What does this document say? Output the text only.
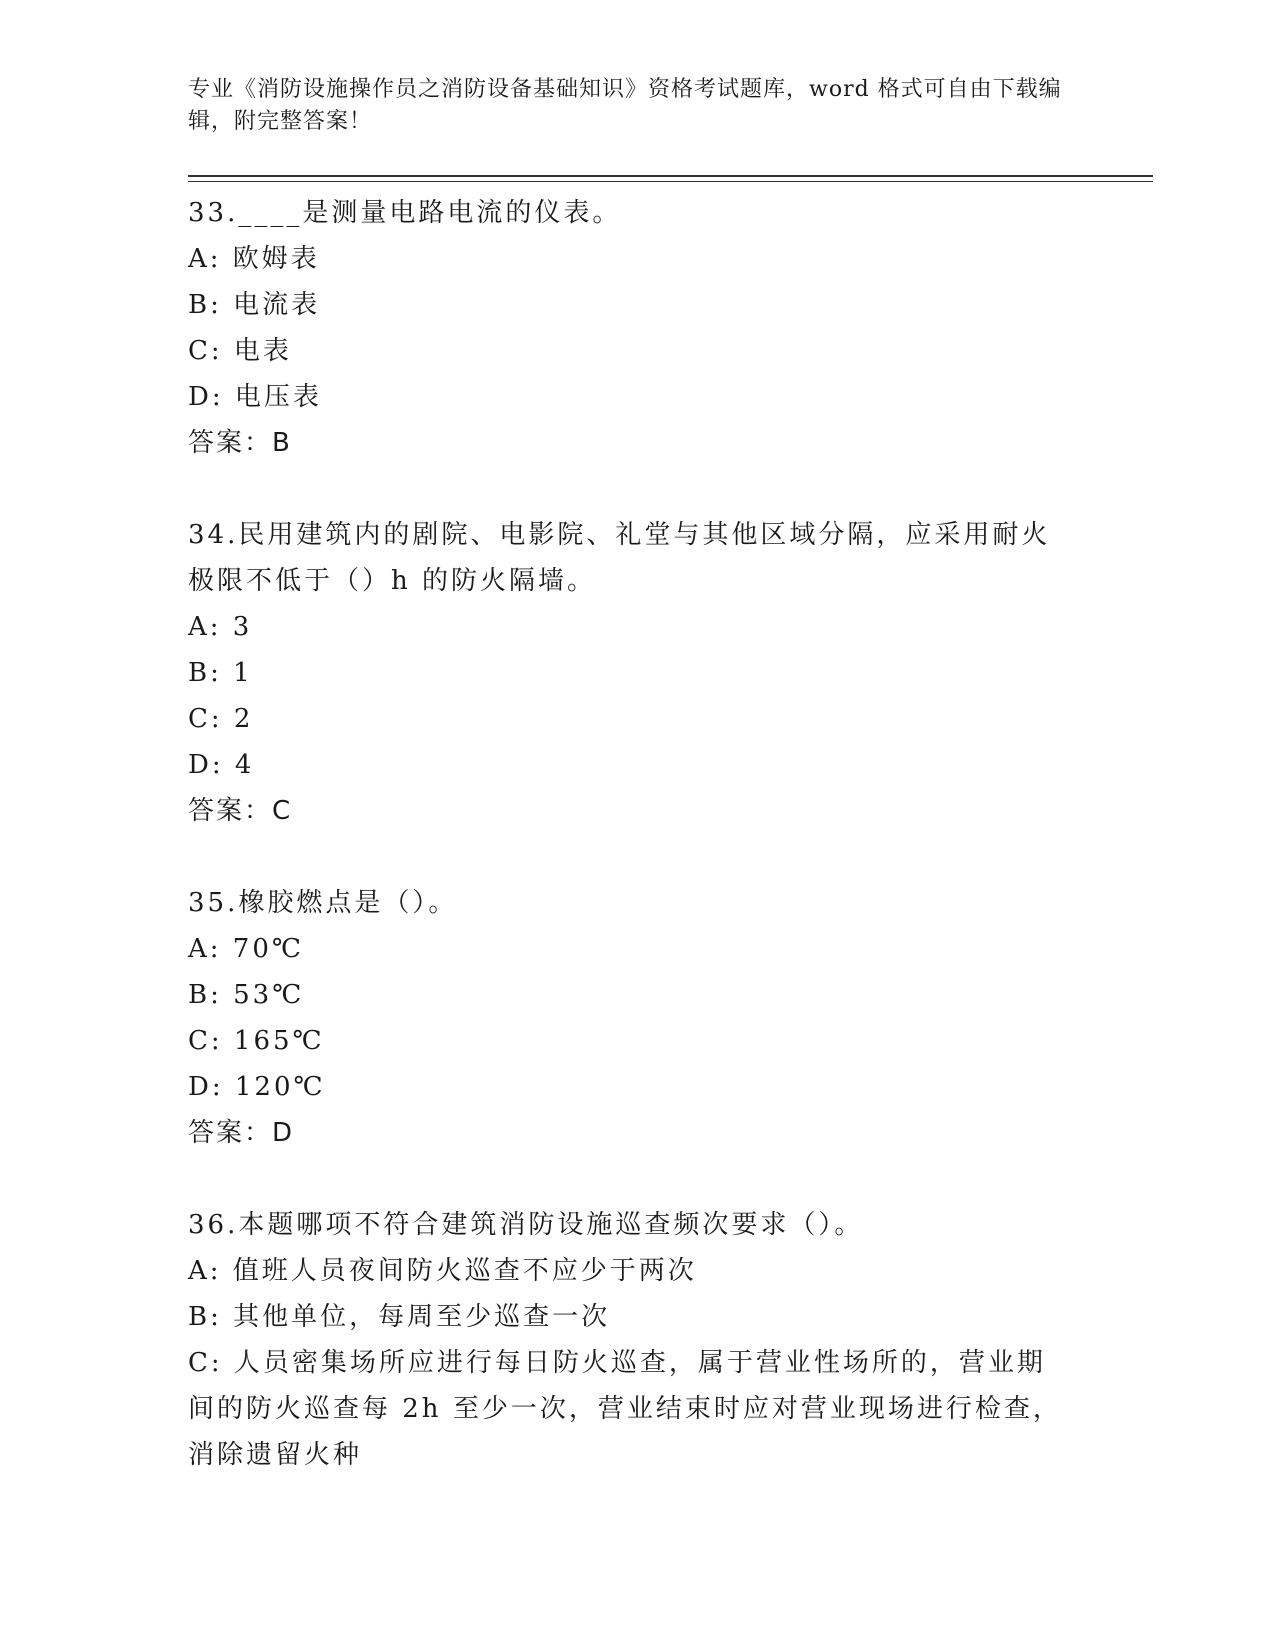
专业《消防设施操作员之消防设备基础知识》资格考试题库，word 格式可自由下载编辑，附完整答案！
33.____是测量电路电流的仪表。
A: 欧姆表
B: 电流表
C: 电表
D: 电压表
答案：B
34.民用建筑内的剧院、电影院、礼堂与其他区域分隔，应采用耐火极限不低于（）h 的防火隔墙。
A: 3
B: 1
C: 2
D: 4
答案：C
35.橡胶燃点是（）。
A: 70℃
B: 53℃
C: 165℃
D: 120℃
答案：D
36.本题哪项不符合建筑消防设施巡查频次要求（）。
A: 值班人员夜间防火巡查不应少于两次
B: 其他单位，每周至少巡查一次
C: 人员密集场所应进行每日防火巡查，属于营业性场所的，营业期间的防火巡查每 2h 至少一次，营业结束时应对营业现场进行检查，消除遗留火种
